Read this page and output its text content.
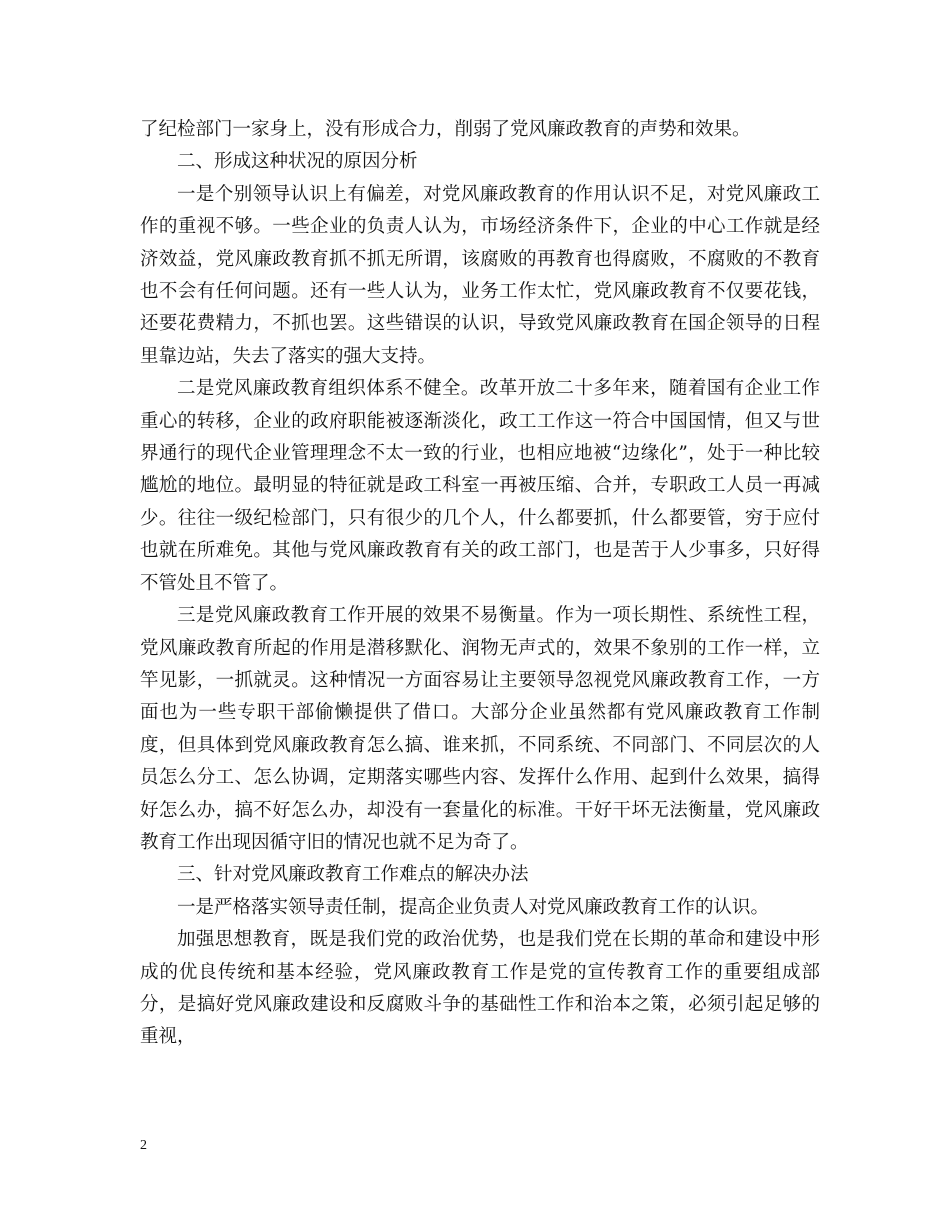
了纪检部门一家身上，没有形成合力，削弱了党风廉政教育的声势和效果。

二、形成这种状况的原因分析

一是个别领导认识上有偏差，对党风廉政教育的作用认识不足，对党风廉政工作的重视不够。一些企业的负责人认为，市场经济条件下，企业的中心工作就是经济效益，党风廉政教育抓不抓无所谓，该腐败的再教育也得腐败，不腐败的不教育也不会有任何问题。还有一些人认为，业务工作太忙，党风廉政教育不仅要花钱，还要花费精力，不抓也罢。这些错误的认识，导致党风廉政教育在国企领导的日程里靠边站，失去了落实的强大支持。

二是党风廉政教育组织体系不健全。改革开放二十多年来，随着国有企业工作重心的转移，企业的政府职能被逐渐淡化，政工工作这一符合中国国情，但又与世界通行的现代企业管理理念不太一致的行业，也相应地被“边缘化”，处于一种比较尴尬的地位。最明显的特征就是政工科室一再被压缩、合并，专职政工人员一再减少。往往一级纪检部门，只有很少的几个人，什么都要抓，什么都要管，穷于应付也就在所难免。其他与党风廉政教育有关的政工部门，也是苦于人少事多，只好得不管处且不管了。

三是党风廉政教育工作开展的效果不易衡量。作为一项长期性、系统性工程，党风廉政教育所起的作用是潜移默化、润物无声式的，效果不象别的工作一样，立竿见影，一抓就灵。这种情况一方面容易让主要领导忽视党风廉政教育工作，一方面也为一些专职干部偷懒提供了借口。大部分企业虽然都有党风廉政教育工作制度，但具体到党风廉政教育怎么搞、谁来抓，不同系统、不同部门、不同层次的人员怎么分工、怎么协调，定期落实哪些内容、发挥什么作用、起到什么效果，搞得好怎么办，搞不好怎么办，却没有一套量化的标准。干好干坏无法衡量，党风廉政教育工作出现因循守旧的情况也就不足为奇了。

三、针对党风廉政教育工作难点的解决办法

一是严格落实领导责任制，提高企业负责人对党风廉政教育工作的认识。

加强思想教育，既是我们党的政治优势，也是我们党在长期的革命和建设中形成的优良传统和基本经验，党风廉政教育工作是党的宣传教育工作的重要组成部分，是搞好党风廉政建设和反腐败斗争的基础性工作和治本之策，必须引起足够的重视，

2
